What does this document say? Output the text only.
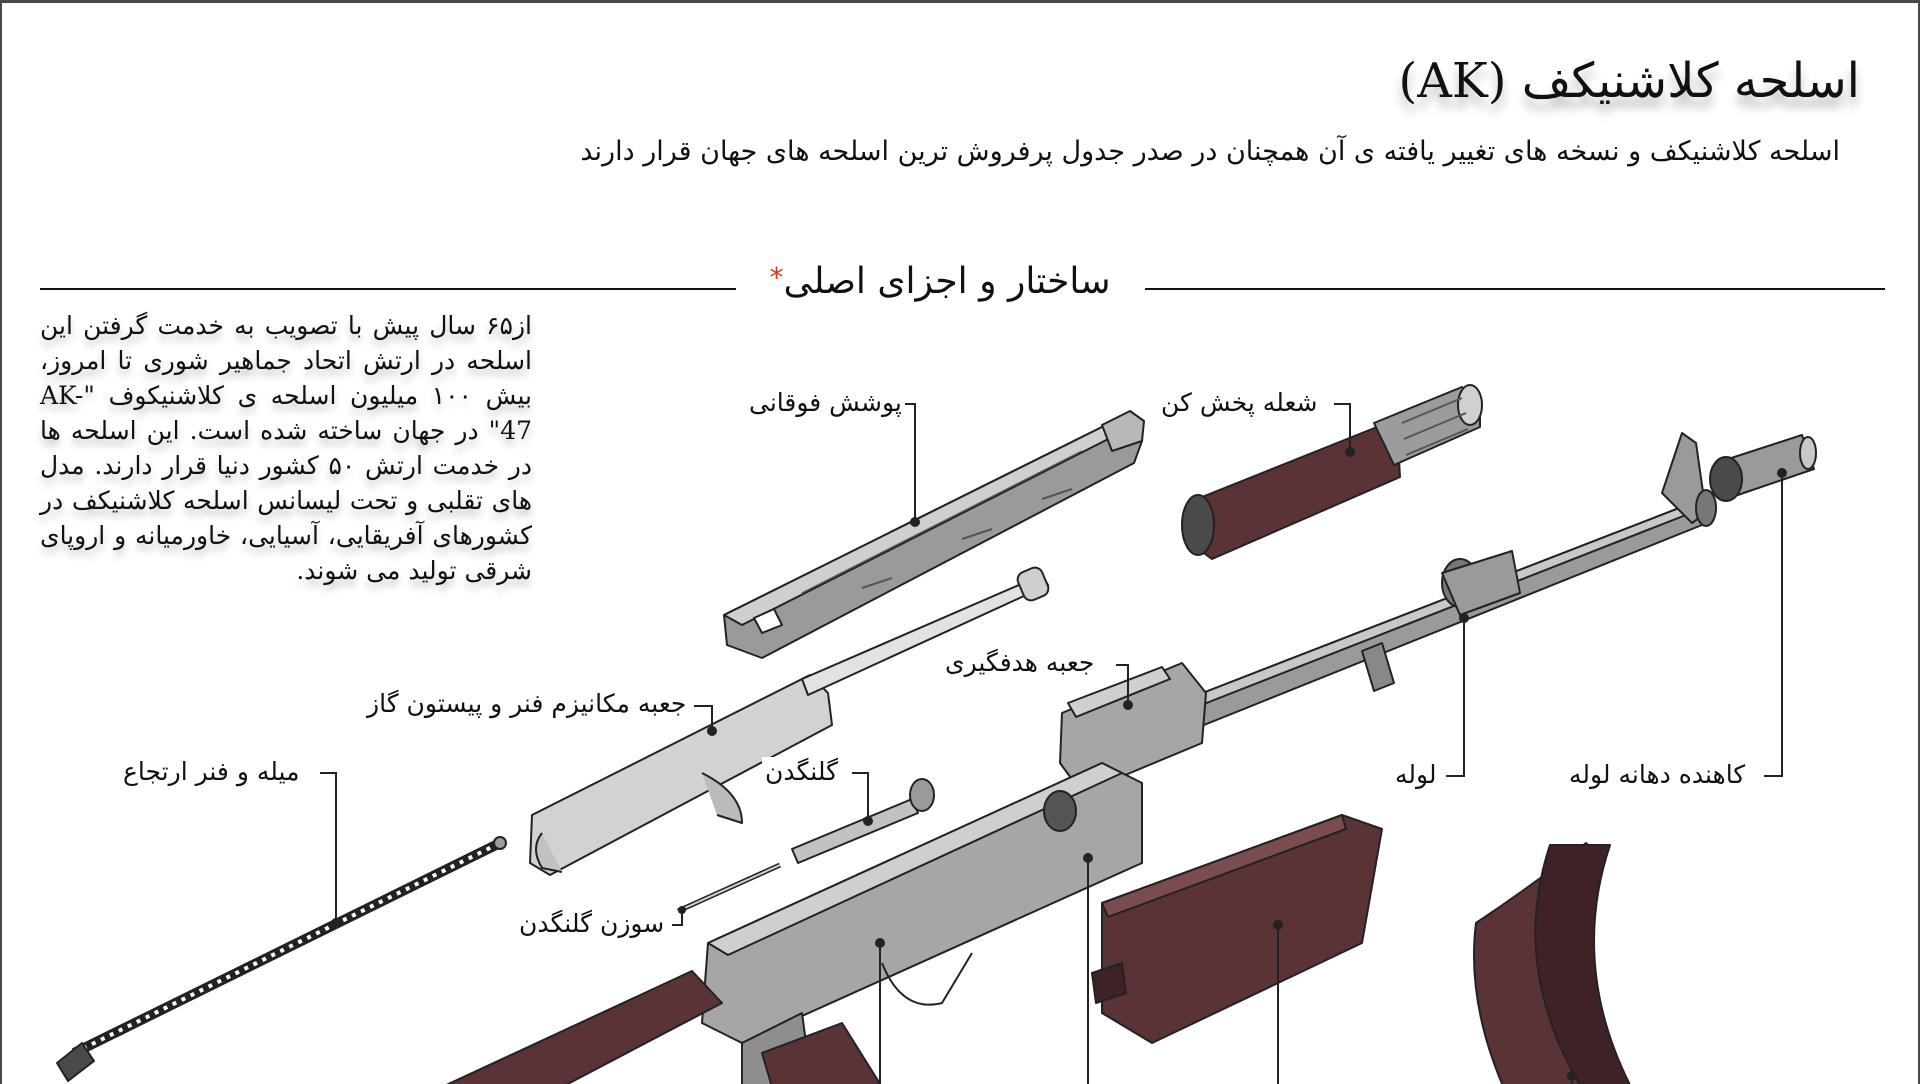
اسلحه کلاشنیکف (AK)

اسلحه کلاشنیکف و نسخه های تغییر یافته ی آن همچنان در صدر جدول پرفروش ترین اسلحه های جهان قرار دارند

ساختار و اجزای اصلی*

از۶۵ سال پیش با تصویب به خدمت گرفتن این اسلحه در ارتش اتحاد جماهیر شوری تا امروز، بیش ۱۰۰ میلیون اسلحه ی کلاشنیکوف "AK-47" در جهان ساخته شده است. این اسلحه ها در خدمت ارتش ۵۰ کشور دنیا قرار دارند. مدل های تقلبی و تحت لیسانس اسلحه کلاشنیکف در کشورهای آفریقایی، آسیایی، خاورمیانه و اروپای شرقی تولید می شوند.

پوشش فوقانی	شعله پخش کن
جعبه مکانیزم فنر و پیستون گاز
جعبه هدفگیری
میله و فنر ارتجاع	گلنگدن
سوزن گلنگدن
لوله	کاهنده دهانه لوله
